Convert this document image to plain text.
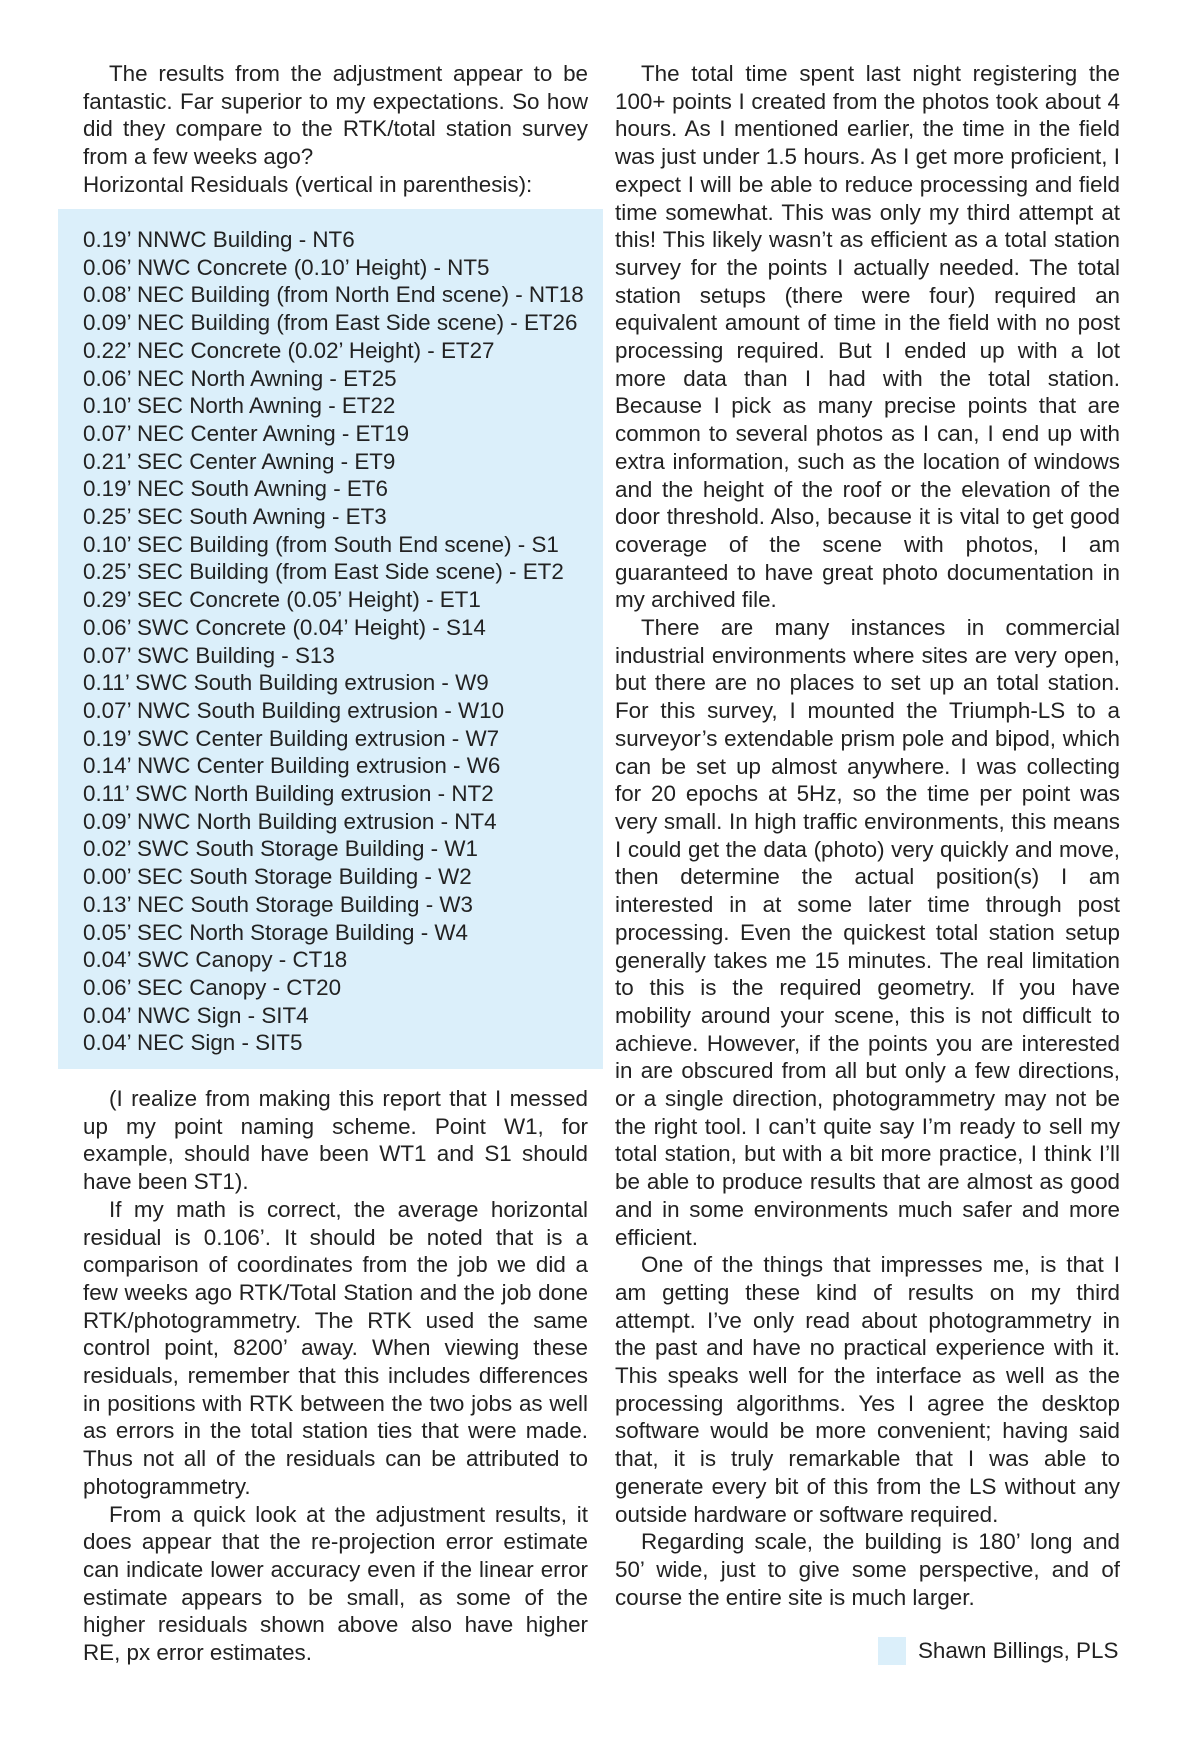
The results from the adjustment appear to be fantastic. Far superior to my expectations. So how did they compare to the RTK/total station survey from a few weeks ago?

Horizontal Residuals (vertical in parenthesis):

0.19’ NNWC Building - NT6
0.06’ NWC Concrete (0.10’ Height) - NT5
0.08’ NEC Building (from North End scene) - NT18
0.09’ NEC Building (from East Side scene) - ET26
0.22’ NEC Concrete (0.02’ Height) - ET27
0.06’ NEC North Awning - ET25
0.10’ SEC North Awning - ET22
0.07’ NEC Center Awning - ET19
0.21’ SEC Center Awning - ET9
0.19’ NEC South Awning - ET6
0.25’ SEC South Awning - ET3
0.10’ SEC Building (from South End scene) - S1
0.25’ SEC Building (from East Side scene) - ET2
0.29’ SEC Concrete (0.05’ Height) - ET1
0.06’ SWC Concrete (0.04’ Height) - S14
0.07’ SWC Building - S13
0.11’ SWC South Building extrusion - W9
0.07’ NWC South Building extrusion - W10
0.19’ SWC Center Building extrusion - W7
0.14’ NWC Center Building extrusion - W6
0.11’ SWC North Building extrusion - NT2
0.09’ NWC North Building extrusion - NT4
0.02’ SWC South Storage Building - W1
0.00’ SEC South Storage Building - W2
0.13’ NEC South Storage Building - W3
0.05’ SEC North Storage Building - W4
0.04’ SWC Canopy - CT18
0.06’ SEC Canopy - CT20
0.04’ NWC Sign - SIT4
0.04’ NEC Sign - SIT5

(I realize from making this report that I messed up my point naming scheme. Point W1, for example, should have been WT1 and S1 should have been ST1).

If my math is correct, the average horizontal residual is 0.106’. It should be noted that is a comparison of coordinates from the job we did a few weeks ago RTK/Total Station and the job done RTK/photogrammetry. The RTK used the same control point, 8200’ away. When viewing these residuals, remember that this includes differences in positions with RTK between the two jobs as well as errors in the total station ties that were made. Thus not all of the residuals can be attributed to photogrammetry.

From a quick look at the adjustment results, it does appear that the re-projection error estimate can indicate lower accuracy even if the linear error estimate appears to be small, as some of the higher residuals shown above also have higher RE, px error estimates.

The total time spent last night registering the 100+ points I created from the photos took about 4 hours. As I mentioned earlier, the time in the field was just under 1.5 hours. As I get more proficient, I expect I will be able to reduce processing and field time somewhat. This was only my third attempt at this! This likely wasn’t as efficient as a total station survey for the points I actually needed. The total station setups (there were four) required an equivalent amount of time in the field with no post processing required. But I ended up with a lot more data than I had with the total station. Because I pick as many precise points that are common to several photos as I can, I end up with extra information, such as the location of windows and the height of the roof or the elevation of the door threshold. Also, because it is vital to get good coverage of the scene with photos, I am guaranteed to have great photo documentation in my archived file.

There are many instances in commercial industrial environments where sites are very open, but there are no places to set up an total station. For this survey, I mounted the Triumph-LS to a surveyor’s extendable prism pole and bipod, which can be set up almost anywhere. I was collecting for 20 epochs at 5Hz, so the time per point was very small. In high traffic environments, this means I could get the data (photo) very quickly and move, then determine the actual position(s) I am interested in at some later time through post processing. Even the quickest total station setup generally takes me 15 minutes. The real limitation to this is the required geometry. If you have mobility around your scene, this is not difficult to achieve. However, if the points you are interested in are obscured from all but only a few directions, or a single direction, photogrammetry may not be the right tool. I can’t quite say I’m ready to sell my total station, but with a bit more practice, I think I’ll be able to produce results that are almost as good and in some environments much safer and more efficient.

One of the things that impresses me, is that I am getting these kind of results on my third attempt. I’ve only read about photogrammetry in the past and have no practical experience with it. This speaks well for the interface as well as the processing algorithms. Yes I agree the desktop software would be more convenient; having said that, it is truly remarkable that I was able to generate every bit of this from the LS without any outside hardware or software required.

Regarding scale, the building is 180’ long and 50’ wide, just to give some perspective, and of course the entire site is much larger.

Shawn Billings, PLS
